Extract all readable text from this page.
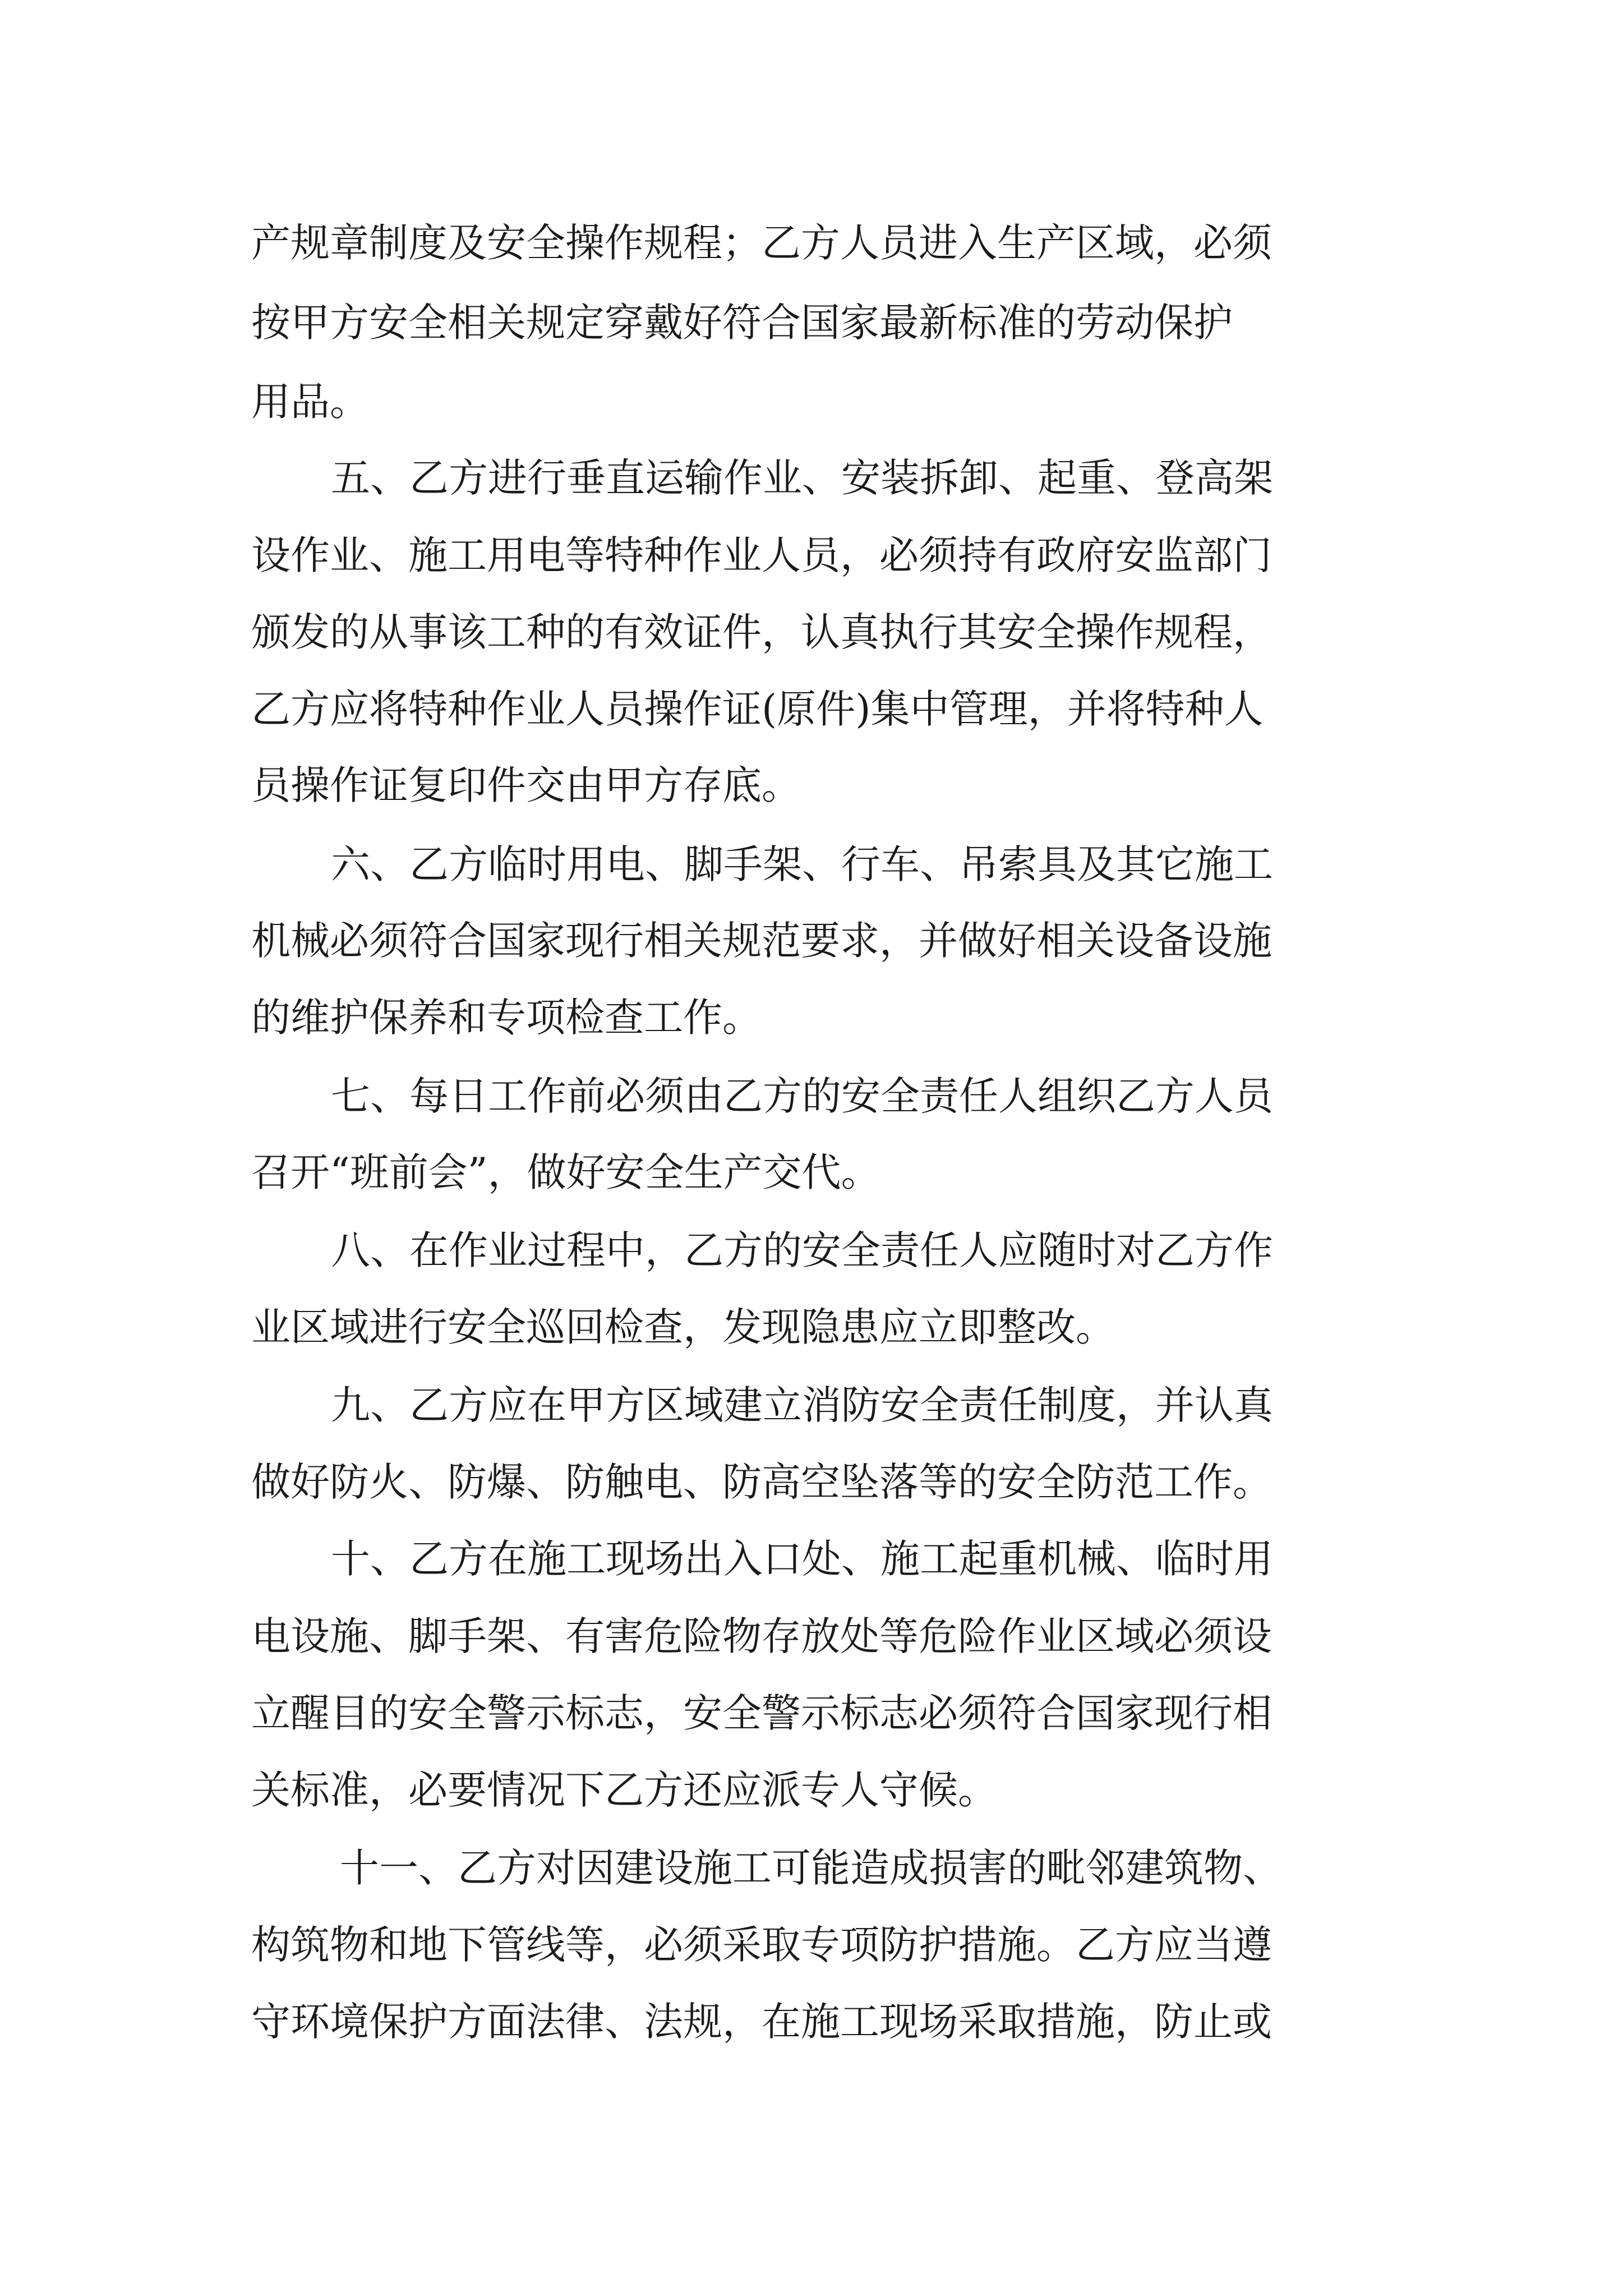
产规章制度及安全操作规程；乙方人员进入生产区域，必须
按甲方安全相关规定穿戴好符合国家最新标准的劳动保护
用品。
五、乙方进行垂直运输作业、安装拆卸、起重、登高架
设作业、施工用电等特种作业人员，必须持有政府安监部门
颁发的从事该工种的有效证件，认真执行其安全操作规程，
乙方应将特种作业人员操作证(原件)集中管理，并将特种人
员操作证复印件交由甲方存底。
六、乙方临时用电、脚手架、行车、吊索具及其它施工
机械必须符合国家现行相关规范要求，并做好相关设备设施
的维护保养和专项检查工作。
七、每日工作前必须由乙方的安全责任人组织乙方人员
召开“班前会”，做好安全生产交代。
八、在作业过程中，乙方的安全责任人应随时对乙方作
业区域进行安全巡回检查，发现隐患应立即整改。
九、乙方应在甲方区域建立消防安全责任制度，并认真
做好防火、防爆、防触电、防高空坠落等的安全防范工作。
十、乙方在施工现场出入口处、施工起重机械、临时用
电设施、脚手架、有害危险物存放处等危险作业区域必须设
立醒目的安全警示标志，安全警示标志必须符合国家现行相
关标准，必要情况下乙方还应派专人守候。
十一、乙方对因建设施工可能造成损害的毗邻建筑物、
构筑物和地下管线等，必须采取专项防护措施。乙方应当遵
守环境保护方面法律、法规，在施工现场采取措施，防止或
